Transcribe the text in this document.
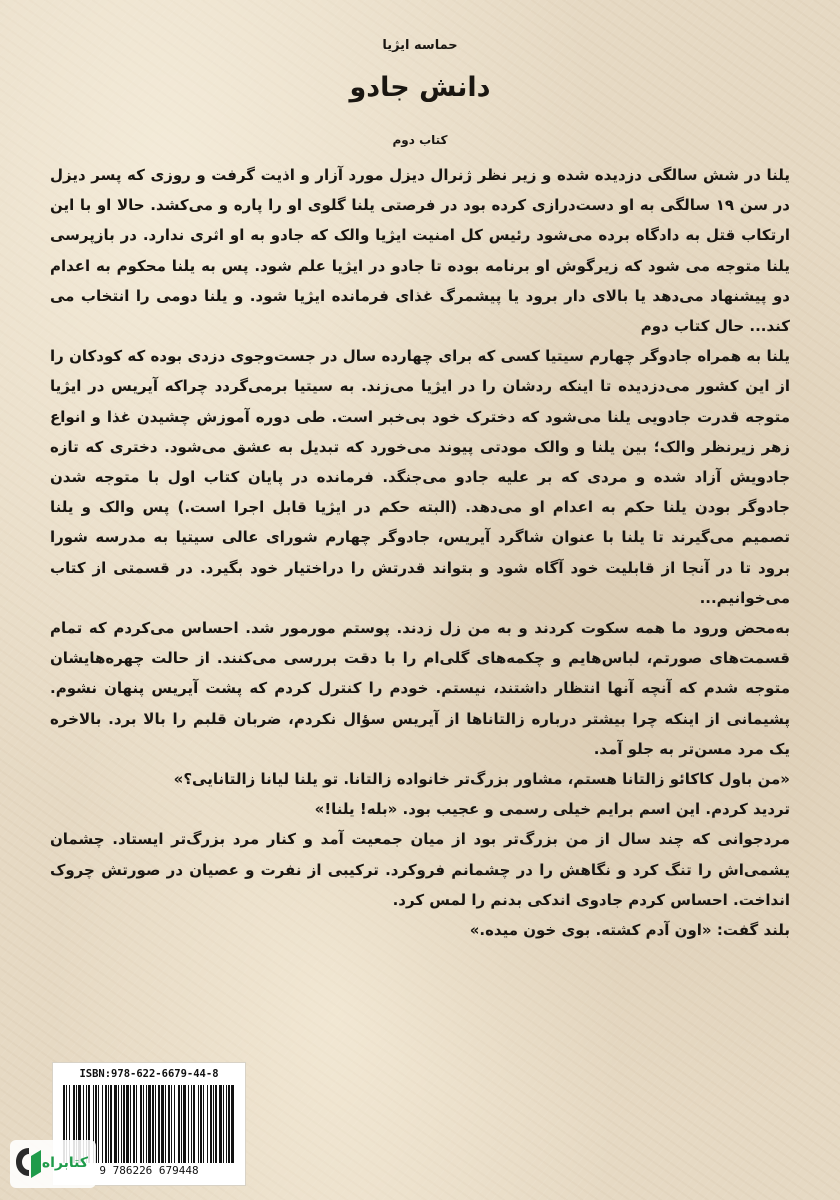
حماسه ایژیا
دانش جادو
کتاب دوم

یلنا در شش سالگی دزدیده شده و زیر نظر ژنرال دیزل مورد آزار و اذیت گرفت و روزی که پسر دیزل در سن ۱۹ سالگی به او دست‌درازی کرده بود در فرصتی یلنا گلوی او را پاره و می‌کشد. حالا او با این ارتکاب قتل به دادگاه برده می‌شود رئیس کل امنیت ایژیا والک که جادو به او اثری ندارد. در بازپرسی یلنا متوجه می شود که زیرگوش او برنامه بوده تا جادو در ایژیا علم شود. پس به یلنا محکوم به اعدام دو پیشنهاد می‌دهد یا بالای دار برود یا پیشمرگ غذای فرمانده ایژیا شود. و یلنا دومی را انتخاب می کند... حال کتاب دوم

یلنا به همراه جادوگر چهارم سیتیا کسی که برای چهارده سال در جست‌وجوی دزدی بوده که کودکان را از این کشور می‌دزدیده تا اینکه ردشان را در ایژیا می‌زند. به سیتیا برمی‌گردد چراکه آیریس در ایژیا متوجه قدرت جادویی یلنا می‌شود که دخترک خود بی‌خبر است. طی دوره آموزش چشیدن غذا و انواع زهر زیرنظر والک؛ بین یلنا و والک مودتی پیوند می‌خورد که تبدیل به عشق می‌شود. دختری که تازه جادویش آزاد شده و مردی که بر علیه جادو می‌جنگد. فرمانده در پایان کتاب اول با متوجه شدن جادوگر بودن یلنا حکم به اعدام او می‌دهد. (البته حکم در ایژیا قابل اجرا است.) پس والک و یلنا تصمیم می‌گیرند تا یلنا با عنوان شاگرد آیریس، جادوگر چهارم شورای عالی سیتیا به مدرسه شورا برود تا در آنجا از قابلیت خود آگاه شود و بتواند قدرتش را دراختیار خود بگیرد. در قسمتی از کتاب می‌خوانیم...

به‌محض ورود ما همه سکوت کردند و به من زل زدند. پوستم مورمور شد. احساس می‌کردم که تمام قسمت‌های صورتم، لباس‌هایم و چکمه‌های گلی‌ام را با دقت بررسی می‌کنند. از حالت چهره‌هایشان متوجه شدم که آنچه آنها انتظار داشتند، نیستم. خودم را کنترل کردم که پشت آیریس پنهان نشوم. پشیمانی از اینکه چرا بیشتر درباره زالتاناها از آیریس سؤال نکردم، ضربان قلبم را بالا برد. بالاخره یک مرد مسن‌تر به جلو آمد.

«من باول کاکائو زالتانا هستم، مشاور بزرگ‌تر خانواده زالتانا. تو یلنا لیانا زالتانایی؟»

تردید کردم. این اسم برایم خیلی رسمی و عجیب بود. «بله! یلنا!»

مردجوانی که چند سال از من بزرگ‌تر بود از میان جمعیت آمد و کنار مرد بزرگ‌تر ایستاد. چشمان یشمی‌اش را تنگ کرد و نگاهش را در چشمانم فروکرد. ترکیبی از نفرت و عصیان در صورتش چروک انداخت. احساس کردم جادوی اندکی بدنم را لمس کرد.

بلند گفت: «اون آدم کشته. بوی خون میده.»

ISBN:978-622-6679-44-8
9 786226 679448
کتابراه
